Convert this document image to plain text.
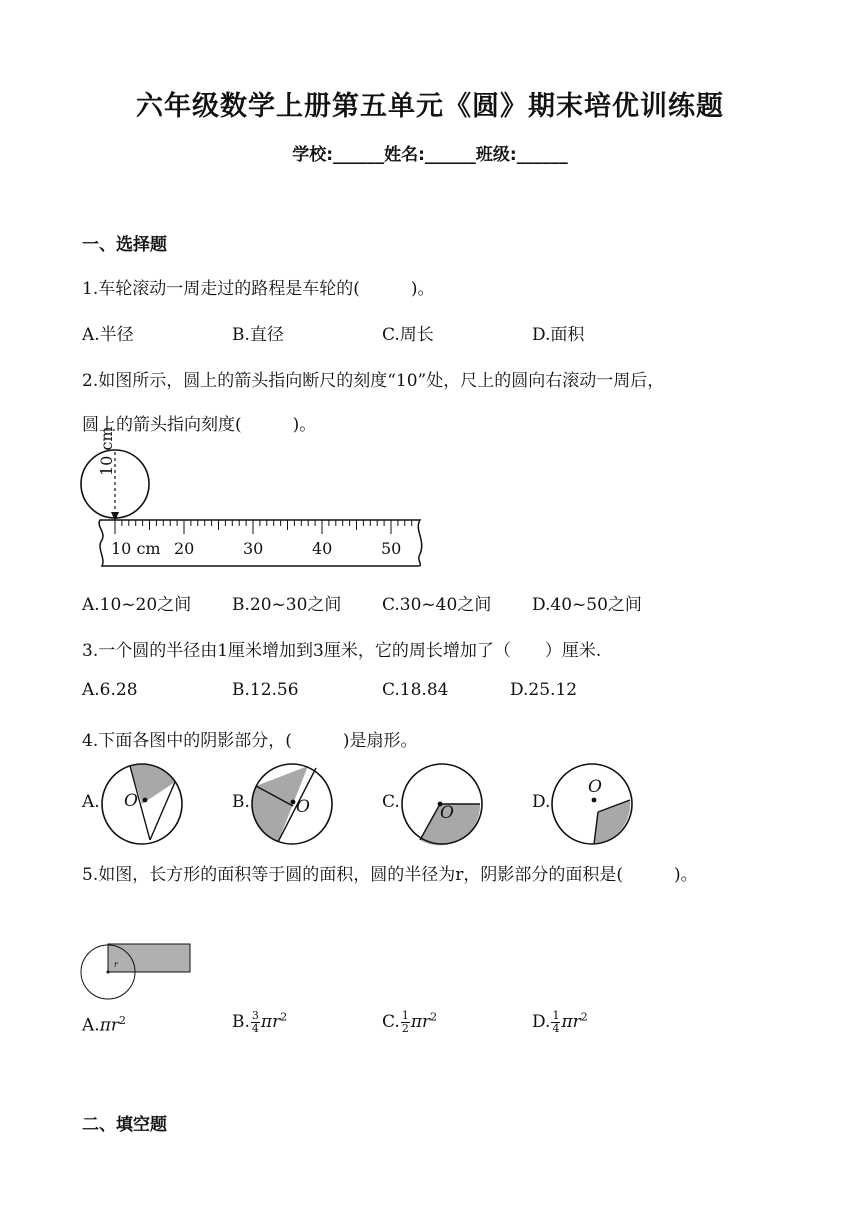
六年级数学上册第五单元《圆》期末培优训练题
学校:______姓名:______班级:______
一、选择题
1.车轮滚动一周走过的路程是车轮的(　　　)。
A.半径	B.直径	C.周长	D.面积
2.如图所示，圆上的箭头指向断尺的刻度“10”处，尺上的圆向右滚动一周后，
圆上的箭头指向刻度(　　　)。
10 cm
10 cm 20	30	40	50
A.10~20之间 B.20~30之间 C.30~40之间 D.40~50之间
3.一个圆的半径由1厘米增加到3厘米，它的周长增加了（　　）厘米.
A.6.28	B.12.56	C.18.84	D.25.12
4.下面各图中的阴影部分，(　　　)是扇形。
A. O	B.	O	C.
O
D.
O
5.如图，长方形的面积等于圆的面积，圆的半径为r，阴影部分的面积是(　　　)。
r
$A.\pi r^2$	B. $\frac{3}{4} \pi r^2$	C. $\frac{1}{2} \pi r^2$	D. $\frac{1}{4} \pi r^2$
二、填空题
